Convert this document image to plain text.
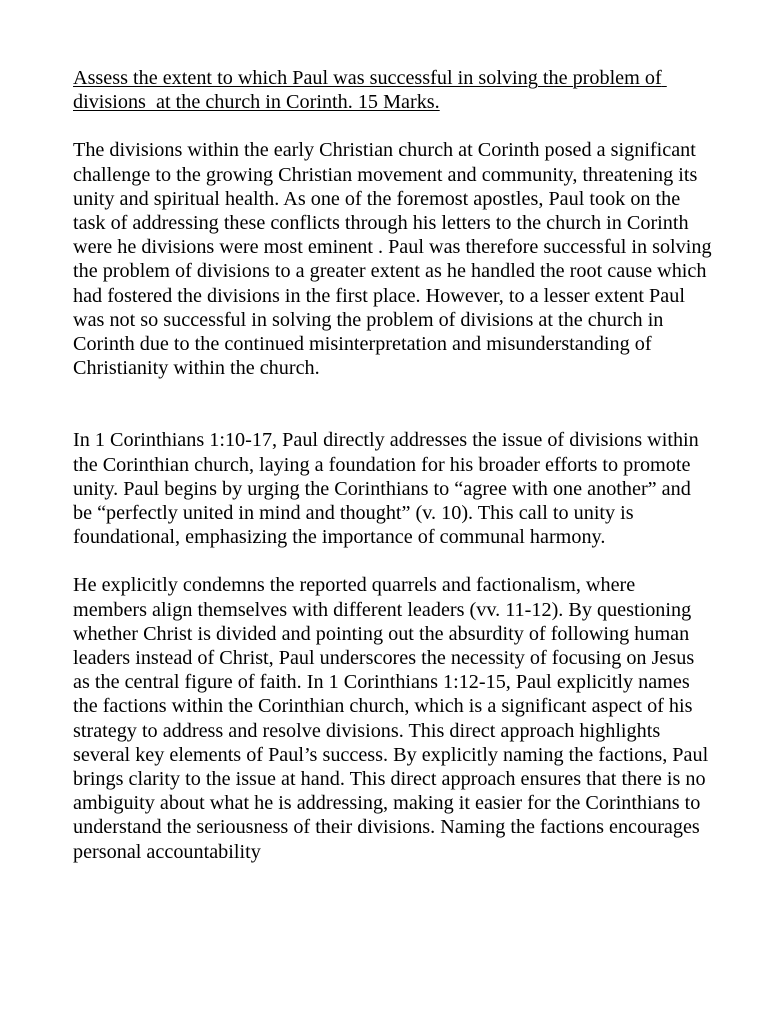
Assess the extent to which Paul was successful in solving the problem of divisions  at the church in Corinth. 15 Marks.

The divisions within the early Christian church at Corinth posed a significant challenge to the growing Christian movement and community, threatening its unity and spiritual health. As one of the foremost apostles, Paul took on the task of addressing these conflicts through his letters to the church in Corinth were he divisions were most eminent . Paul was therefore successful in solving the problem of divisions to a greater extent as he handled the root cause which had fostered the divisions in the first place. However, to a lesser extent Paul was not so successful in solving the problem of divisions at the church in Corinth due to the continued misinterpretation and misunderstanding of Christianity within the church.

In 1 Corinthians 1:10-17, Paul directly addresses the issue of divisions within the Corinthian church, laying a foundation for his broader efforts to promote unity. Paul begins by urging the Corinthians to “agree with one another” and be “perfectly united in mind and thought” (v. 10). This call to unity is foundational, emphasizing the importance of communal harmony.

He explicitly condemns the reported quarrels and factionalism, where members align themselves with different leaders (vv. 11-12). By questioning whether Christ is divided and pointing out the absurdity of following human leaders instead of Christ, Paul underscores the necessity of focusing on Jesus as the central figure of faith. In 1 Corinthians 1:12-15, Paul explicitly names the factions within the Corinthian church, which is a significant aspect of his strategy to address and resolve divisions. This direct approach highlights several key elements of Paul’s success. By explicitly naming the factions, Paul brings clarity to the issue at hand. This direct approach ensures that there is no ambiguity about what he is addressing, making it easier for the Corinthians to understand the seriousness of their divisions. Naming the factions encourages personal accountability
